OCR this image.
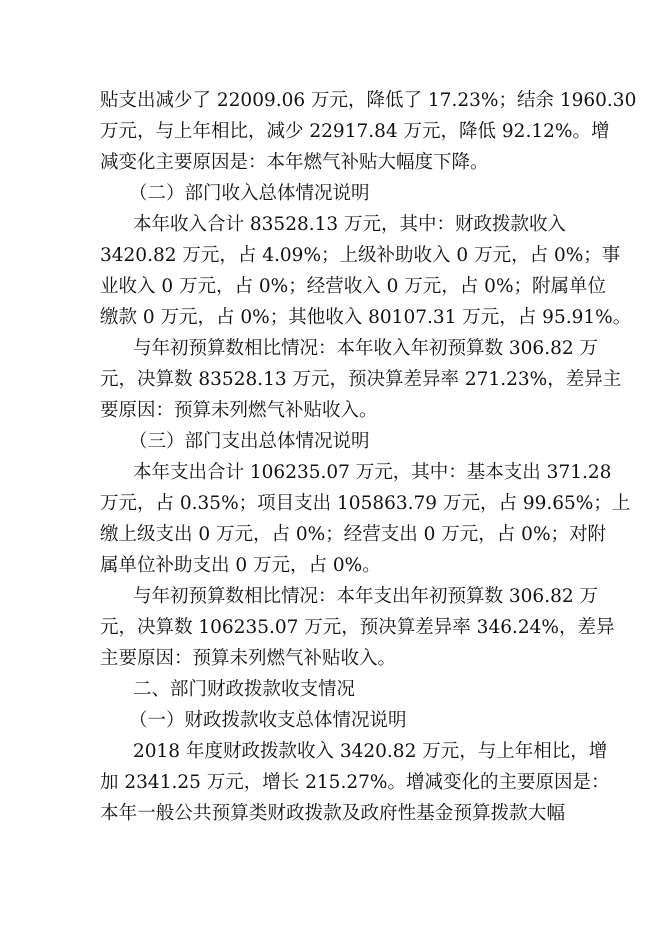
贴支出减少了 22009.06 万元，降低了 17.23%；结余 1960.30
万元，与上年相比，减少 22917.84 万元，降低 92.12%。增
减变化主要原因是：本年燃气补贴大幅度下降。
（二）部门收入总体情况说明
本年收入合计 83528.13 万元，其中：财政拨款收入
3420.82 万元，占 4.09%；上级补助收入 0 万元，占 0%；事
业收入 0 万元，占 0%；经营收入 0 万元，占 0%；附属单位
缴款 0 万元，占 0%；其他收入 80107.31 万元，占 95.91%。
与年初预算数相比情况：本年收入年初预算数 306.82 万
元，决算数 83528.13 万元，预决算差异率 271.23%，差异主
要原因：预算未列燃气补贴收入。
（三）部门支出总体情况说明
本年支出合计 106235.07 万元，其中：基本支出 371.28
万元，占 0.35%；项目支出 105863.79 万元，占 99.65%；上
缴上级支出 0 万元，占 0%；经营支出 0 万元，占 0%；对附
属单位补助支出 0 万元，占 0%。
与年初预算数相比情况：本年支出年初预算数 306.82 万
元，决算数 106235.07 万元，预决算差异率 346.24%，差异
主要原因：预算未列燃气补贴收入。
二、部门财政拨款收支情况
（一）财政拨款收支总体情况说明
2018 年度财政拨款收入 3420.82 万元，与上年相比，增
加 2341.25 万元，增长 215.27%。增减变化的主要原因是：
本年一般公共预算类财政拨款及政府性基金预算拨款大幅
